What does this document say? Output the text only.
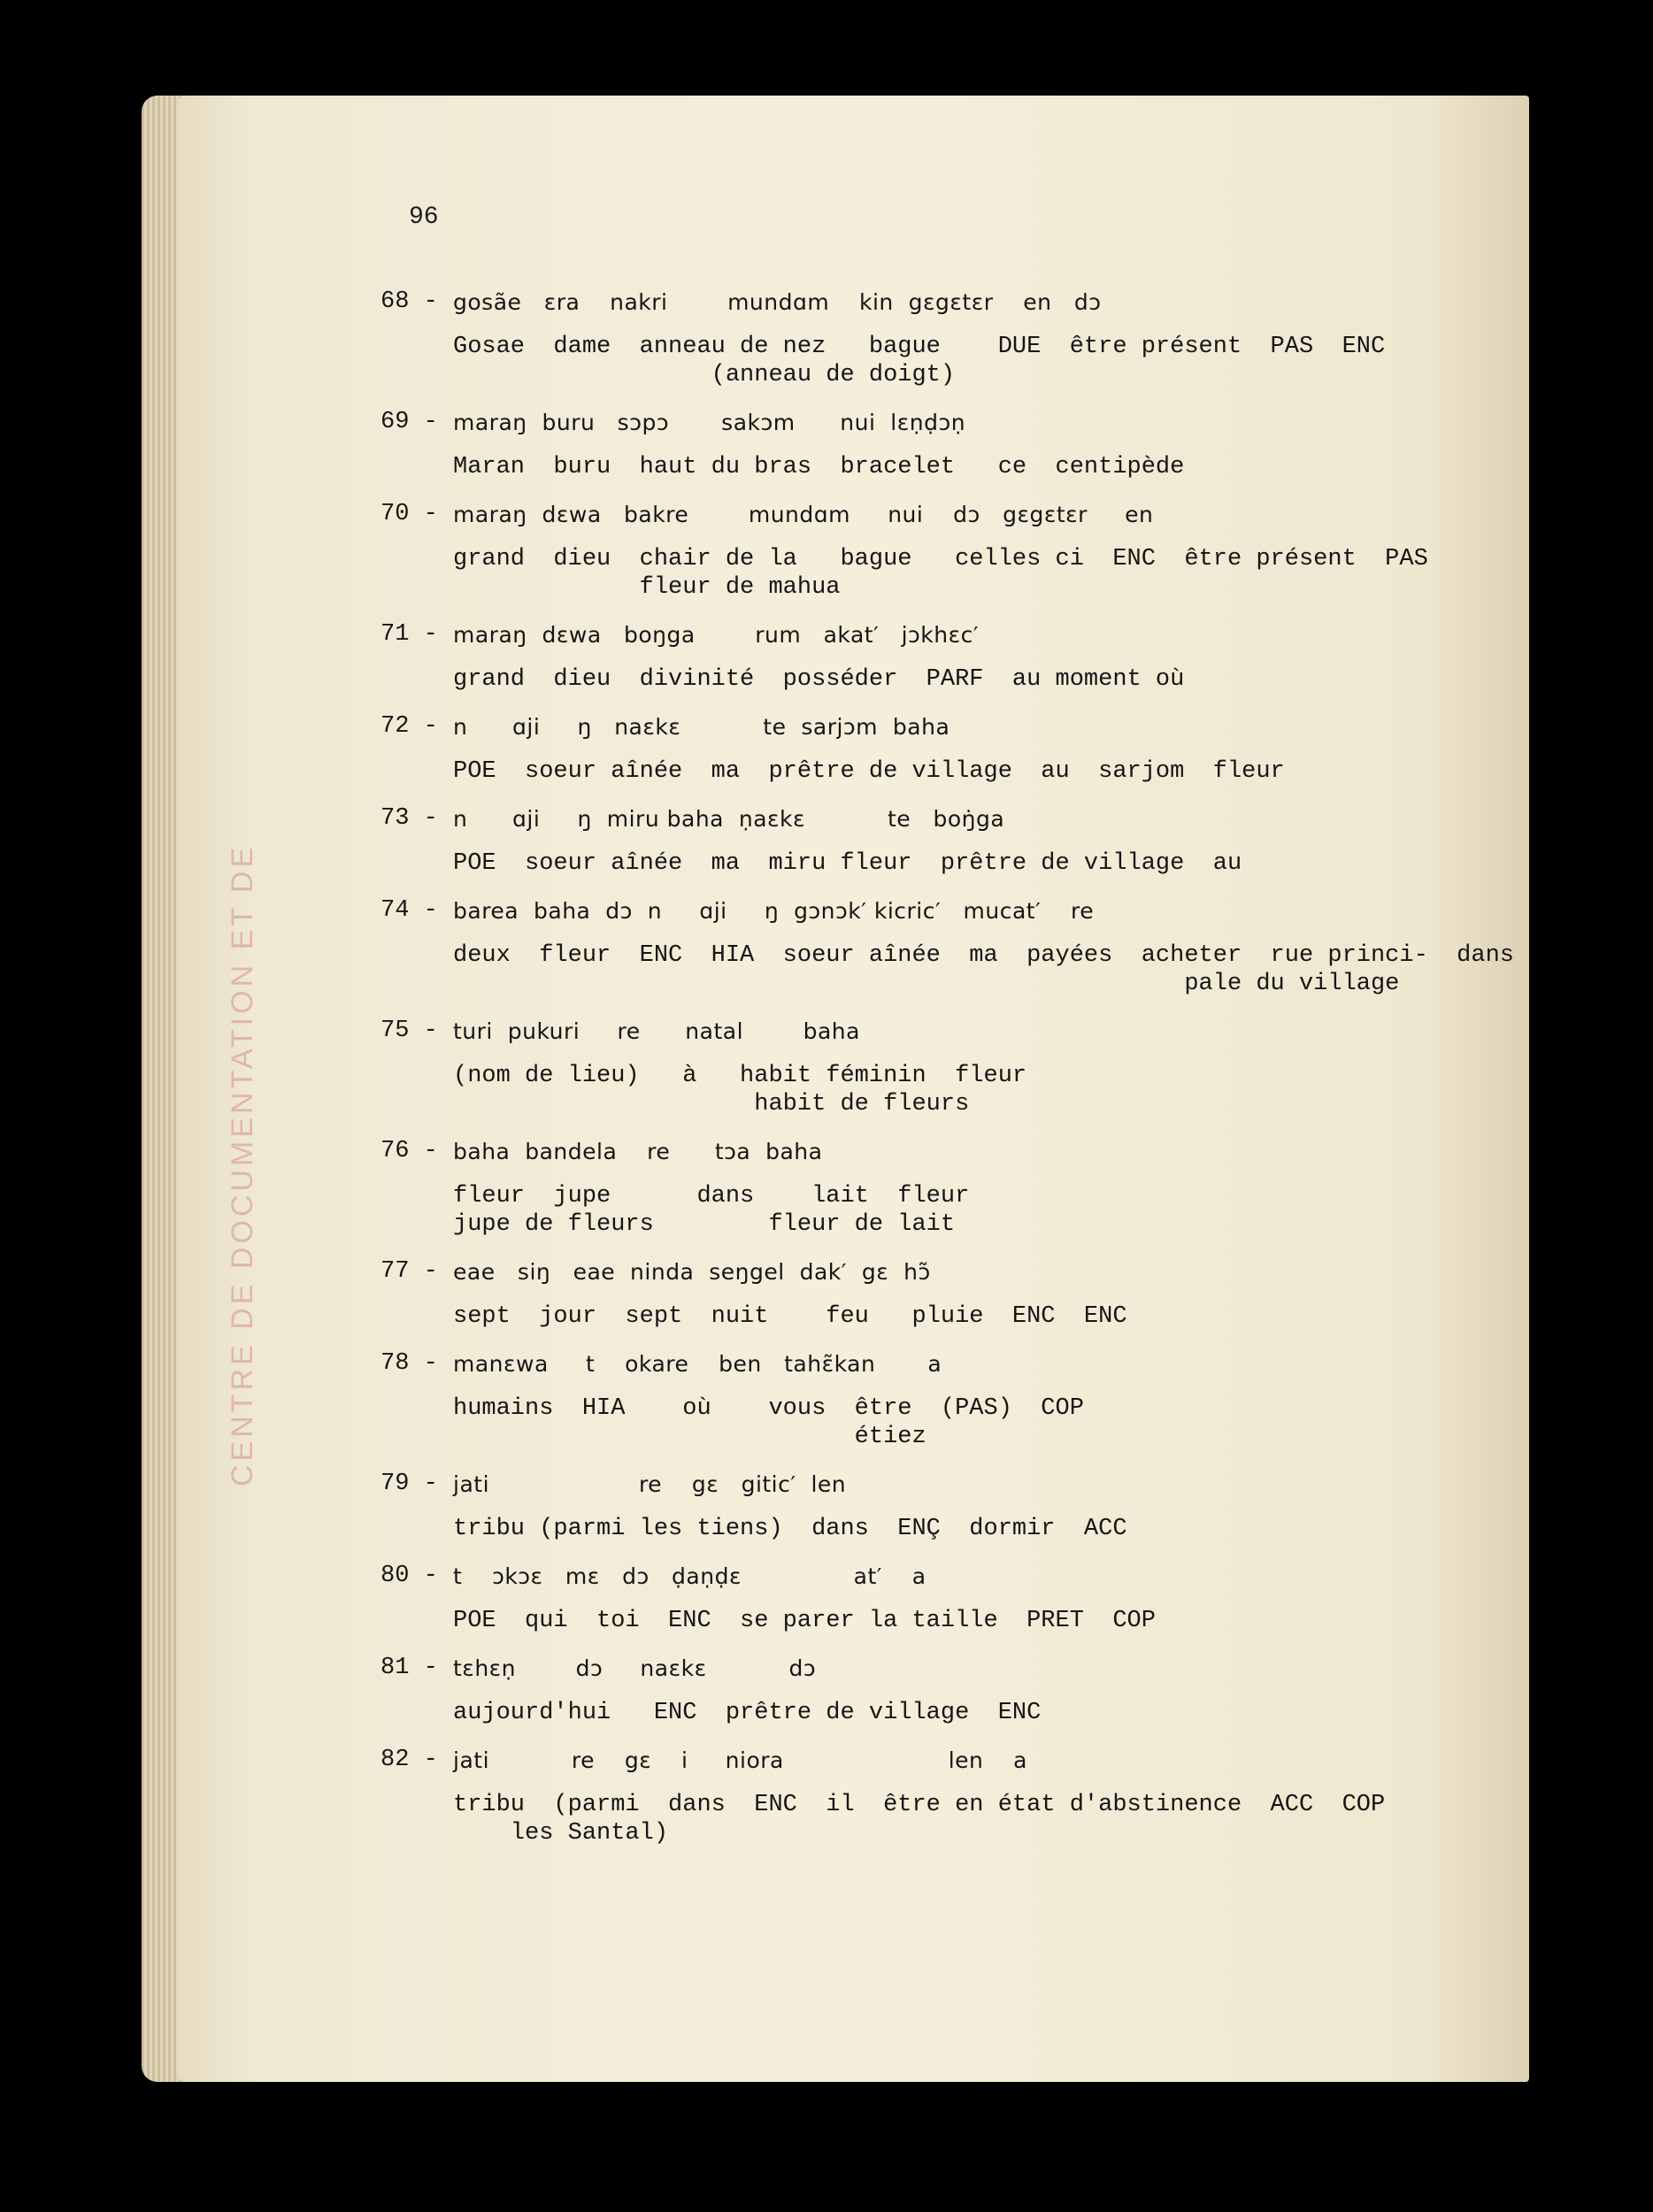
CENTRE DE DOCUMENTATION ET DE
96
68 - gosãe   ɛra    nakri        mundɑm    kin  gɛgɛtɛr    en   dɔ
Gosae  dame  anneau de nez   bague    DUE  être présent  PAS  ENC
(anneau de doigt)
69 - maraŋ  buru   sɔpɔ       sakɔm      nui  lɛṇḍɔṇ
Maran  buru  haut du bras  bracelet   ce  centipède
70 - maraŋ  dɛwa   bakre        mundɑm     nui    dɔ   gɛgɛtɛr     en
grand  dieu  chair de la   bague   celles ci  ENC  être présent  PAS
fleur de mahua
71 - maraŋ  dɛwa   boŋga        rum   akat′   jɔkhɛc′
grand  dieu  divinité  posséder  PARF  au moment où
72 - n      ɑji     ŋ   naɛkɛ           te  sarjɔm  baha
POE  soeur aînée  ma  prêtre de village  au  sarjom  fleur
73 - n      ɑji     ŋ  miru baha  ṇaɛkɛ           te   boŋ̇ga
POE  soeur aînée  ma  miru fleur  prêtre de village  au
74 - barea  baha  dɔ  n     ɑji     ŋ  gɔnɔk′ kicric′   mucat′    re
deux  fleur  ENC  HIA  soeur aînée  ma  payées  acheter  rue princi-  dans
pale du village
75 - turi  pukuri     re      natal        baha
(nom de lieu)   à   habit féminin  fleur
habit de fleurs
76 - baha  bandela    re      tɔa  baha
fleur  jupe      dans    lait  fleur
jupe de fleurs        fleur de lait
77 - eae   siŋ   eae  ninda  seŋgel  dak′  gɛ  hɔ̃
sept  jour  sept  nuit    feu   pluie  ENC  ENC
78 - manɛwa     t    okare    ben   tahɛ̃kan       a
humains  HIA    où    vous  être  (PAS)  COP
étiez
79 - jati                    re    gɛ   gitic′  len
tribu (parmi les tiens)  dans  ENÇ  dormir  ACC
80 - t    ɔkɔɛ   mɛ   dɔ   ḍaṇḍɛ               at′    a
POE  qui  toi  ENC  se parer la taille  PRET  COP
81 - tɛhɛṇ        dɔ     naɛkɛ           dɔ
aujourd'hui   ENC  prêtre de village  ENC
82 - jati           re    gɛ    i     niora                      len    a
tribu  (parmi  dans  ENC  il  être en état d'abstinence  ACC  COP
les Santal)
